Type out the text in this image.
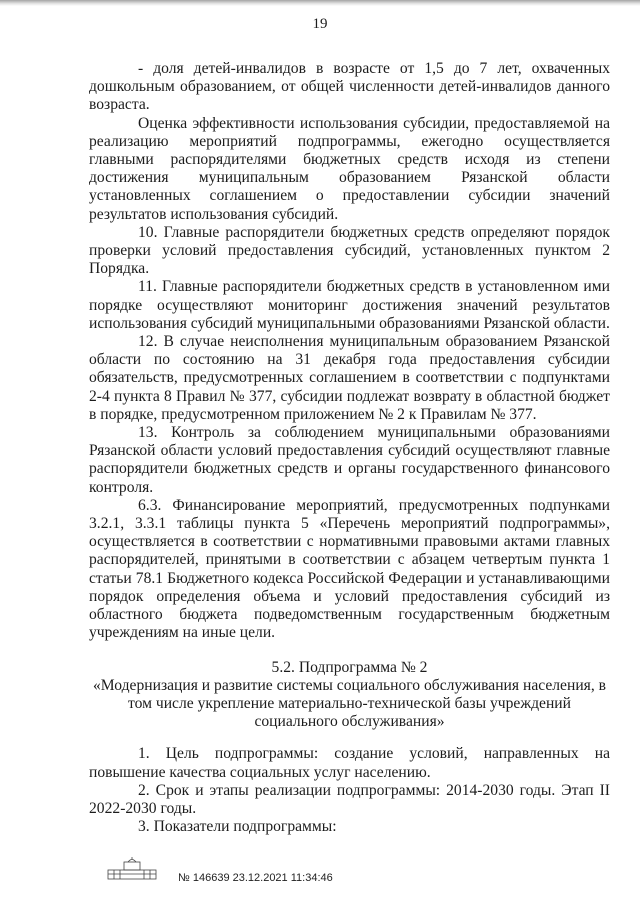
19

- доля детей-инвалидов в возрасте от 1,5 до 7 лет, охваченных дошкольным образованием, от общей численности детей-инвалидов данного возраста.

Оценка эффективности использования субсидии, предоставляемой на реализацию мероприятий подпрограммы, ежегодно осуществляется главными распорядителями бюджетных средств исходя из степени достижения муниципальным образованием Рязанской области установленных соглашением о предоставлении субсидии значений результатов использования субсидий.

10. Главные распорядители бюджетных средств определяют порядок проверки условий предоставления субсидий, установленных пунктом 2 Порядка.

11. Главные распорядители бюджетных средств в установленном ими порядке осуществляют мониторинг достижения значений результатов использования субсидий муниципальными образованиями Рязанской области.

12. В случае неисполнения муниципальным образованием Рязанской области по состоянию на 31 декабря года предоставления субсидии обязательств, предусмотренных соглашением в соответствии с подпунктами 2-4 пункта 8 Правил № 377, субсидии подлежат возврату в областной бюджет в порядке, предусмотренном приложением № 2 к Правилам № 377.

13. Контроль за соблюдением муниципальными образованиями Рязанской области условий предоставления субсидий осуществляют главные распорядители бюджетных средств и органы государственного финансового контроля.

6.3. Финансирование мероприятий, предусмотренных подпунками 3.2.1, 3.3.1 таблицы пункта 5 «Перечень мероприятий подпрограммы», осуществляется в соответствии с нормативными правовыми актами главных распорядителей, принятыми в соответствии с абзацем четвертым пункта 1 статьи 78.1 Бюджетного кодекса Российской Федерации и устанавливающими порядок определения объема и условий предоставления субсидий из областного бюджета подведомственным государственным бюджетным учреждениям на иные цели.

5.2. Подпрограмма № 2

«Модернизация и развитие системы социального обслуживания населения, в том числе укрепление материально-технической базы учреждений социального обслуживания»

1. Цель подпрограммы: создание условий, направленных на повышение качества социальных услуг населению.

2. Срок и этапы реализации подпрограммы: 2014-2030 годы. Этап II 2022-2030 годы.

3. Показатели подпрограммы:

№ 146639 23.12.2021 11:34:46
